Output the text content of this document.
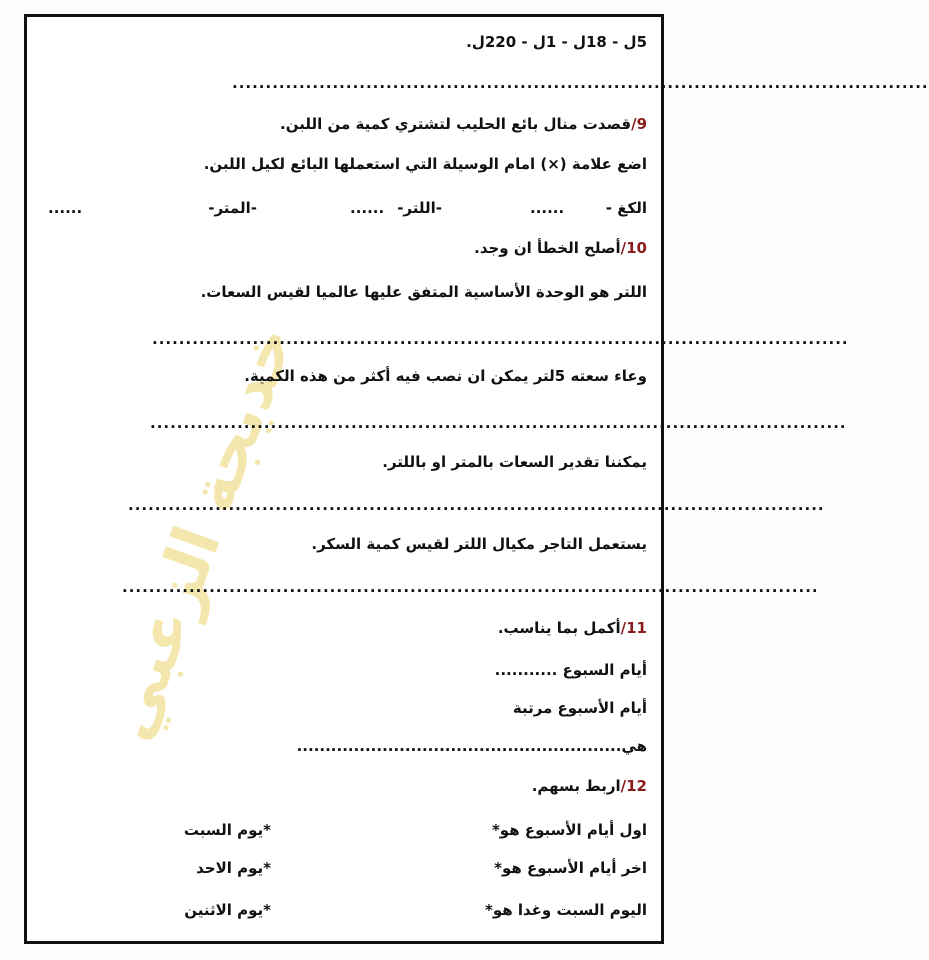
خديجة الزعبي
5ل - 18ل - 1ل - 220ل.
........................................................................................................
9/قصدت منال بائع الحليب لتشتري كمية من اللبن.
اضع علامة (×) امام الوسيلة التي استعملها البائع لكيل اللبن.
الكغ -
......
-اللتر-
......
-المتر-
......
10/أصلح الخطأ ان وجد.
اللتر هو الوحدة الأساسية المتفق عليها عالميا لقيس السعات.
........................................................................................................
وعاء سعته 5لتر يمكن ان نصب فيه أكثر من هذه الكمية.
........................................................................................................
يمكننا تقدير السعات بالمتر او باللتر.
........................................................................................................
يستعمل التاجر مكيال اللتر لقيس كمية السكر.
........................................................................................................
11/أكمل بما يناسب.
أيام السبوع ...........
أيام الأسبوع مرتبة
هي.........................................................
12/اربط بسهم.
اول أيام الأسبوع هو*
اخر أيام الأسبوع هو*
اليوم السبت وغدا هو*
*يوم السبت
*يوم الاحد
*يوم الاثنين
